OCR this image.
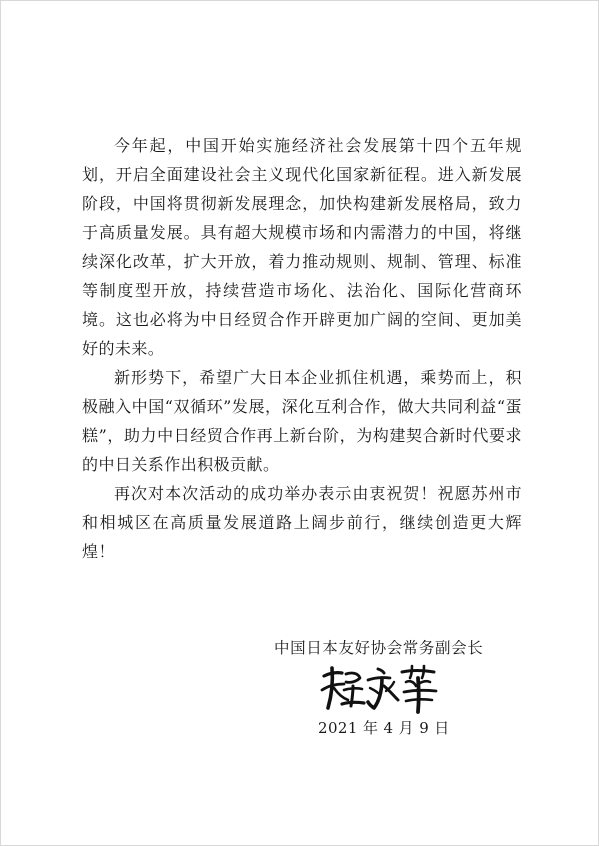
今年起，中国开始实施经济社会发展第十四个五年规划，开启全面建设社会主义现代化国家新征程。进入新发展阶段，中国将贯彻新发展理念，加快构建新发展格局，致力于高质量发展。具有超大规模市场和内需潜力的中国，将继续深化改革，扩大开放，着力推动规则、规制、管理、标准等制度型开放，持续营造市场化、法治化、国际化营商环境。这也必将为中日经贸合作开辟更加广阔的空间、更加美好的未来。

新形势下，希望广大日本企业抓住机遇，乘势而上，积极融入中国“双循环”发展，深化互利合作，做大共同利益“蛋糕”，助力中日经贸合作再上新台阶，为构建契合新时代要求的中日关系作出积极贡献。

再次对本次活动的成功举办表示由衷祝贺！祝愿苏州市和相城区在高质量发展道路上阔步前行，继续创造更大辉煌！

中国日本友好协会常务副会长
2021 年 4 月 9 日
